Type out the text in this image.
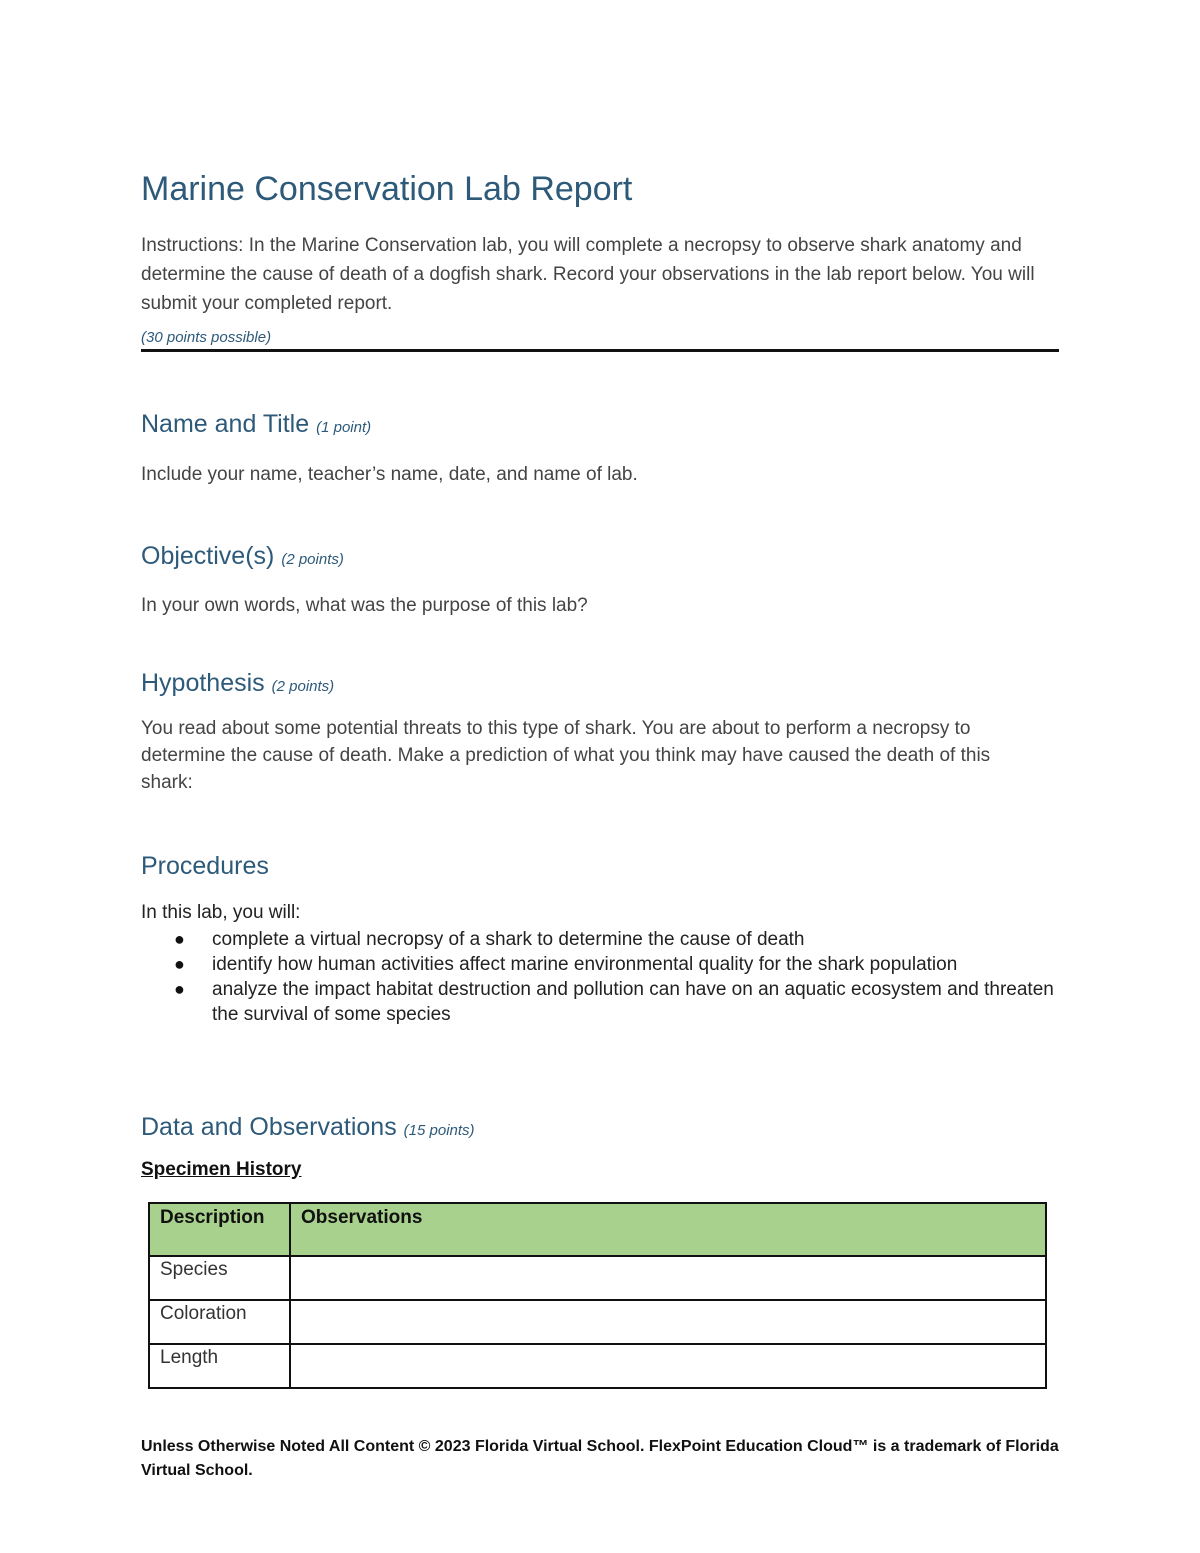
Marine Conservation Lab Report
Instructions: In the Marine Conservation lab, you will complete a necropsy to observe shark anatomy and determine the cause of death of a dogfish shark. Record your observations in the lab report below. You will submit your completed report.
(30 points possible)
Name and Title (1 point)
Include your name, teacher’s name, date, and name of lab.
Objective(s) (2 points)
In your own words, what was the purpose of this lab?
Hypothesis (2 points)
You read about some potential threats to this type of shark. You are about to perform a necropsy to determine the cause of death. Make a prediction of what you think may have caused the death of this shark:
Procedures
In this lab, you will:
● complete a virtual necropsy of a shark to determine the cause of death
● identify how human activities affect marine environmental quality for the shark population
● analyze the impact habitat destruction and pollution can have on an aquatic ecosystem and threaten the survival of some species
Data and Observations (15 points)
Specimen History
Description	Observations
Species	
Coloration	
Length	
Unless Otherwise Noted All Content © 2023 Florida Virtual School. FlexPoint Education Cloud™ is a trademark of Florida Virtual School.
